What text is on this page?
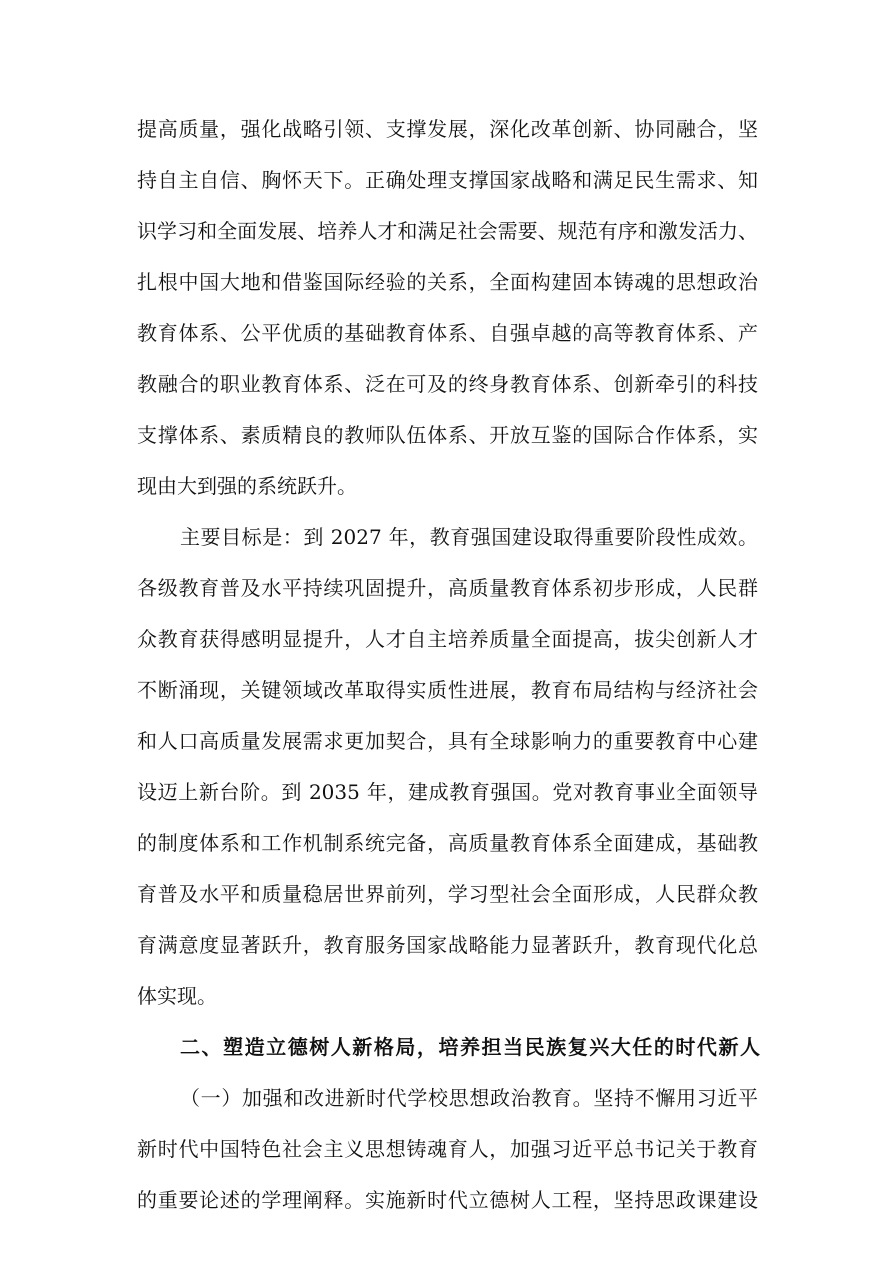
提高质量，强化战略引领、支撑发展，深化改革创新、协同融合，坚
持自主自信、胸怀天下。正确处理支撑国家战略和满足民生需求、知
识学习和全面发展、培养人才和满足社会需要、规范有序和激发活力、
扎根中国大地和借鉴国际经验的关系，全面构建固本铸魂的思想政治
教育体系、公平优质的基础教育体系、自强卓越的高等教育体系、产
教融合的职业教育体系、泛在可及的终身教育体系、创新牵引的科技
支撑体系、素质精良的教师队伍体系、开放互鉴的国际合作体系，实
现由大到强的系统跃升。
主要目标是：到 2027 年，教育强国建设取得重要阶段性成效。
各级教育普及水平持续巩固提升，高质量教育体系初步形成，人民群
众教育获得感明显提升，人才自主培养质量全面提高，拔尖创新人才
不断涌现，关键领域改革取得实质性进展，教育布局结构与经济社会
和人口高质量发展需求更加契合，具有全球影响力的重要教育中心建
设迈上新台阶。到 2035 年，建成教育强国。党对教育事业全面领导
的制度体系和工作机制系统完备，高质量教育体系全面建成，基础教
育普及水平和质量稳居世界前列，学习型社会全面形成，人民群众教
育满意度显著跃升，教育服务国家战略能力显著跃升，教育现代化总
体实现。
二、塑造立德树人新格局，培养担当民族复兴大任的时代新人
（一）加强和改进新时代学校思想政治教育。坚持不懈用习近平
新时代中国特色社会主义思想铸魂育人，加强习近平总书记关于教育
的重要论述的学理阐释。实施新时代立德树人工程，坚持思政课建设
